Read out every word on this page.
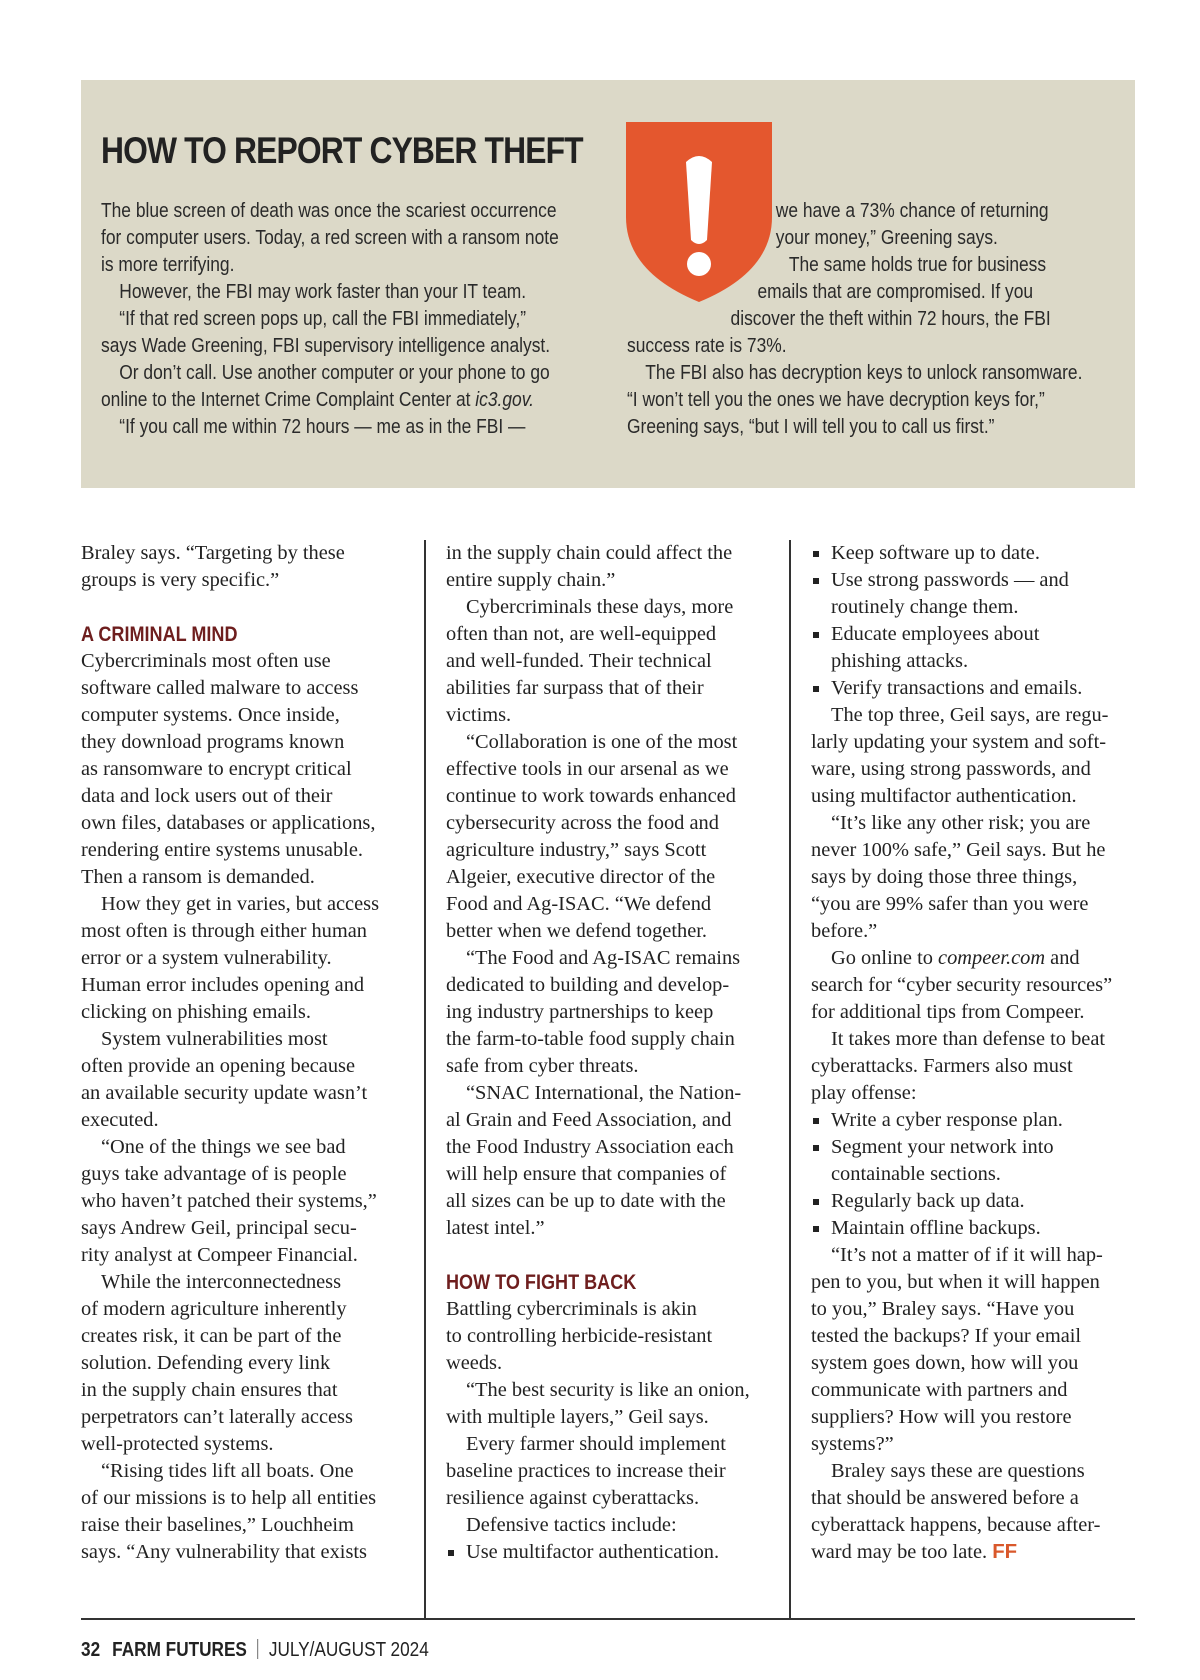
HOW TO REPORT CYBER THEFT

The blue screen of death was once the scariest occurrence

for computer users. Today, a red screen with a ransom note

is more terrifying.

However, the FBI may work faster than your IT team.

“If that red screen pops up, call the FBI immediately,”

says Wade Greening, FBI supervisory intelligence analyst.

Or don’t call. Use another computer or your phone to go

online to the Internet Crime Complaint Center at ic3.gov.

“If you call me within 72 hours — me as in the FBI —

we have a 73% chance of returning

your money,” Greening says.

The same holds true for business

emails that are compromised. If you

discover the theft within 72 hours, the FBI

success rate is 73%.

The FBI also has decryption keys to unlock ransomware.

“I won’t tell you the ones we have decryption keys for,”

Greening says, “but I will tell you to call us first.”

Braley says. “Targeting by these

groups is very specific.”

A CRIMINAL MIND

Cybercriminals most often use

software called malware to access

computer systems. Once inside,

they download programs known

as ransomware to encrypt critical

data and lock users out of their

own files, databases or applications,

rendering entire systems unusable.

Then a ransom is demanded.

How they get in varies, but access

most often is through either human

error or a system vulnerability.

Human error includes opening and

clicking on phishing emails.

System vulnerabilities most

often provide an opening because

an available security update wasn’t

executed.

“One of the things we see bad

guys take advantage of is people

who haven’t patched their systems,”

says Andrew Geil, principal secu-

rity analyst at Compeer Financial.

While the interconnectedness

of modern agriculture inherently

creates risk, it can be part of the

solution. Defending every link

in the supply chain ensures that

perpetrators can’t laterally access

well-protected systems.

“Rising tides lift all boats. One

of our missions is to help all entities

raise their baselines,” Louchheim

says. “Any vulnerability that exists

in the supply chain could affect the

entire supply chain.”

Cybercriminals these days, more

often than not, are well-equipped

and well-funded. Their technical

abilities far surpass that of their

victims.

“Collaboration is one of the most

effective tools in our arsenal as we

continue to work towards enhanced

cybersecurity across the food and

agriculture industry,” says Scott

Algeier, executive director of the

Food and Ag-ISAC. “We defend

better when we defend together.

“The Food and Ag-ISAC remains

dedicated to building and develop-

ing industry partnerships to keep

the farm-to-table food supply chain

safe from cyber threats.

“SNAC International, the Nation-

al Grain and Feed Association, and

the Food Industry Association each

will help ensure that companies of

all sizes can be up to date with the

latest intel.”

HOW TO FIGHT BACK

Battling cybercriminals is akin

to controlling herbicide-resistant

weeds.

“The best security is like an onion,

with multiple layers,” Geil says.

Every farmer should implement

baseline practices to increase their

resilience against cyberattacks.

Defensive tactics include:

Use multifactor authentication.

Keep software up to date.

Use strong passwords — and

routinely change them.

Educate employees about

phishing attacks.

Verify transactions and emails.

The top three, Geil says, are regu-

larly updating your system and soft-

ware, using strong passwords, and

using multifactor authentication.

“It’s like any other risk; you are

never 100% safe,” Geil says. But he

says by doing those three things,

“you are 99% safer than you were

before.”

Go online to compeer.com and

search for “cyber security resources”

for additional tips from Compeer.

It takes more than defense to beat

cyberattacks. Farmers also must

play offense:

Write a cyber response plan.

Segment your network into

containable sections.

Regularly back up data.

Maintain offline backups.

“It’s not a matter of if it will hap-

pen to you, but when it will happen

to you,” Braley says. “Have you

tested the backups? If your email

system goes down, how will you

communicate with partners and

suppliers? How will you restore

systems?”

Braley says these are questions

that should be answered before a

cyberattack happens, because after-

ward may be too late. FF

32 FARM FUTURES JULY/AUGUST 2024
